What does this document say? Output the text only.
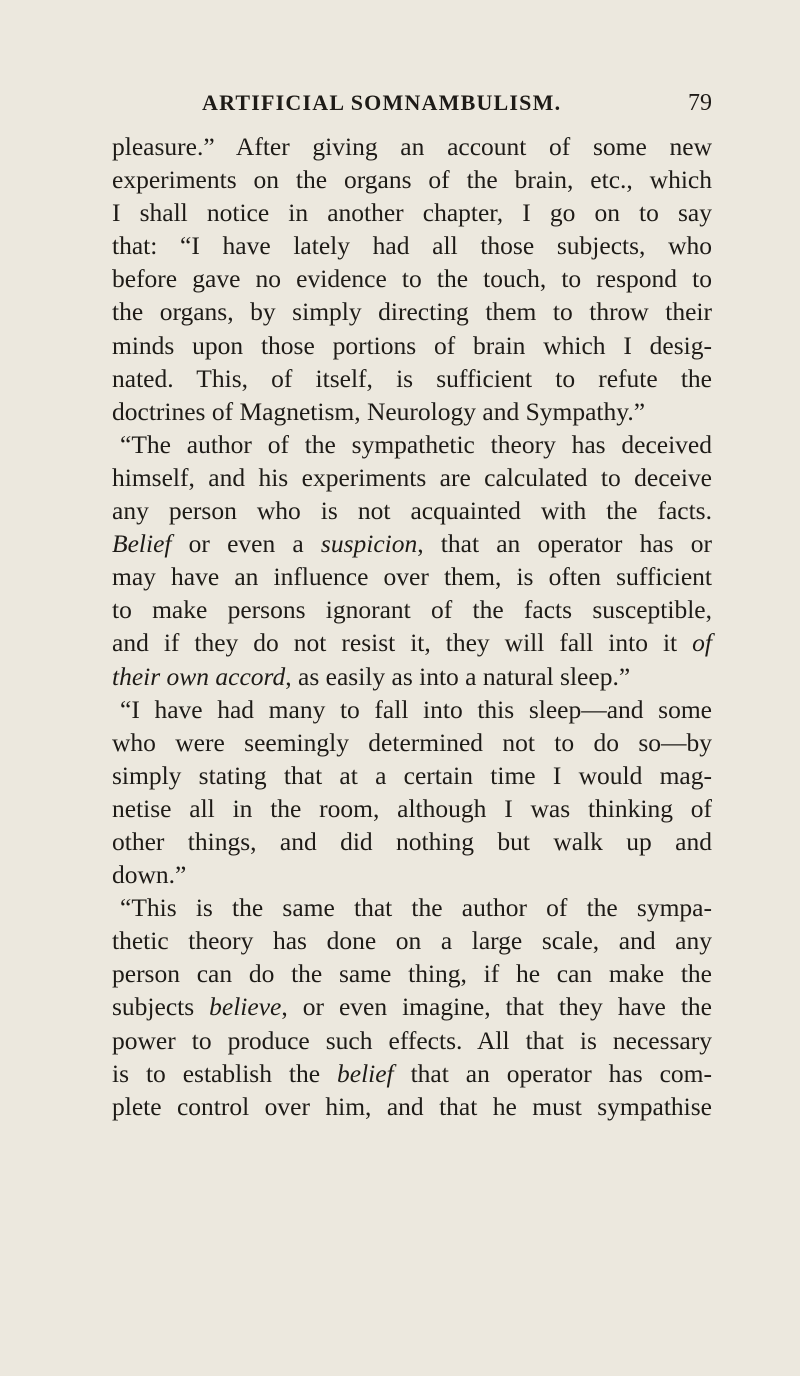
ARTIFICIAL SOMNAMBULISM.	79
pleasure.” After giving an account of some new
experiments on the organs of the brain, etc., which
I shall notice in another chapter, I go on to say
that: “I have lately had all those subjects, who
before gave no evidence to the touch, to respond to
the organs, by simply directing them to throw their
minds upon those portions of brain which I desig-
nated. This, of itself, is sufficient to refute the
doctrines of Magnetism, Neurology and Sympathy.”
“The author of the sympathetic theory has deceived
himself, and his experiments are calculated to deceive
any person who is not acquainted with the facts.
Belief or even a suspicion, that an operator has or
may have an influence over them, is often sufficient
to make persons ignorant of the facts susceptible,
and if they do not resist it, they will fall into it of
their own accord, as easily as into a natural sleep.”
“I have had many to fall into this sleep—and some
who were seemingly determined not to do so—by
simply stating that at a certain time I would mag-
netise all in the room, although I was thinking of
other things, and did nothing but walk up and
down.”
“This is the same that the author of the sympa-
thetic theory has done on a large scale, and any
person can do the same thing, if he can make the
subjects believe, or even imagine, that they have the
power to produce such effects. All that is necessary
is to establish the belief that an operator has com-
plete control over him, and that he must sympathise
